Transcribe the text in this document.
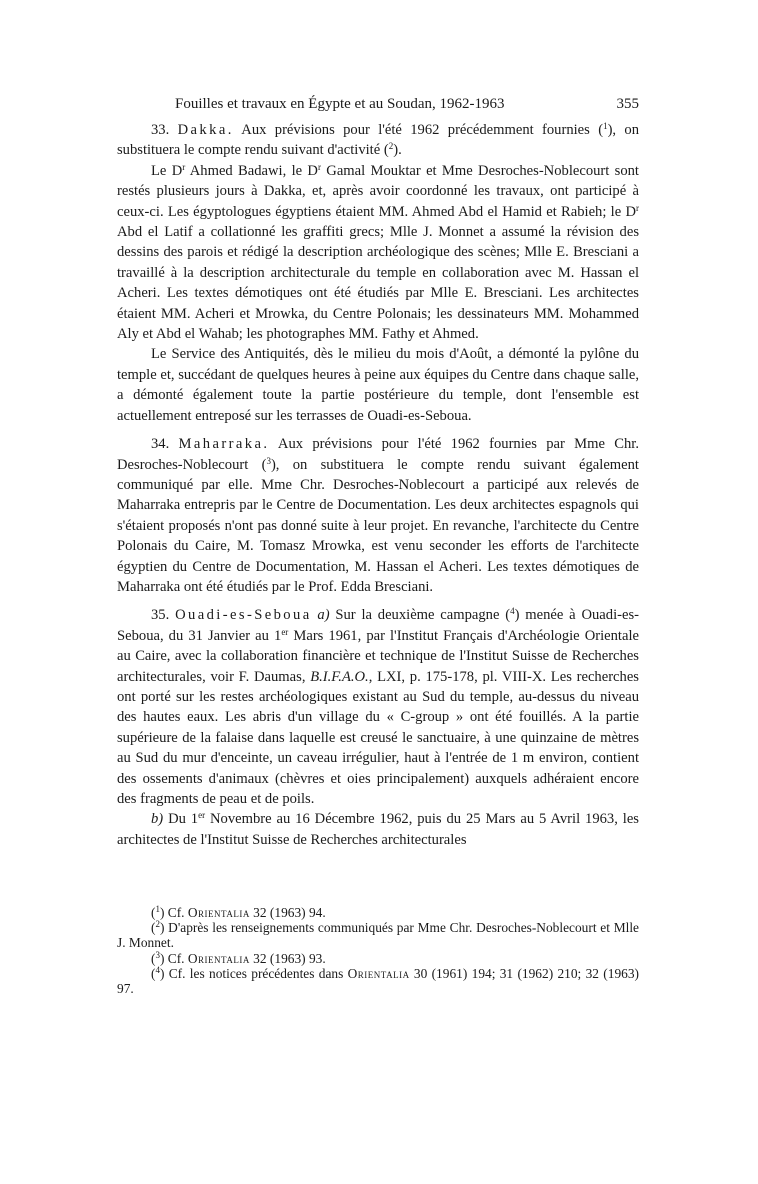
Fouilles et travaux en Égypte et au Soudan, 1962-1963	355

33. Dakka. Aux prévisions pour l'été 1962 précédemment fournies ($^1$), on substituera le compte rendu suivant d'activité ($^2$).

Le $D^r$ Ahmed Badawi, le $D^r$ Gamal Mouktar et Mme Desroches-Noblecourt sont restés plusieurs jours à Dakka, et, après avoir coordonné les travaux, ont participé à ceux-ci. Les égyptologues égyptiens étaient MM. Ahmed Abd el Hamid et Rabieh; le $D^r$ Abd el Latif a collationné les graffiti grecs; Mlle J. Monnet a assumé la révision des dessins des parois et rédigé la description archéologique des scènes; Mlle E. Bresciani a travaillé à la description architecturale du temple en collaboration avec M. Hassan el Acheri. Les textes démotiques ont été étudiés par Mlle E. Bresciani. Les architectes étaient MM. Acheri et Mrowka, du Centre Polonais; les dessinateurs MM. Mohammed Aly et Abd el Wahab; les photographes MM. Fathy et Ahmed.

Le Service des Antiquités, dès le milieu du mois d'Août, a démonté la pylône du temple et, succédant de quelques heures à peine aux équipes du Centre dans chaque salle, a démonté également toute la partie postérieure du temple, dont l'ensemble est actuellement entreposé sur les terrasses de Ouadi-es-Seboua.

34. Maharraka. Aux prévisions pour l'été 1962 fournies par Mme Chr. Desroches-Noblecourt ($^3$), on substituera le compte rendu suivant également communiqué par elle. Mme Chr. Desroches-Noblecourt a participé aux relevés de Maharraka entrepris par le Centre de Documentation. Les deux architectes espagnols qui s'étaient proposés n'ont pas donné suite à leur projet. En revanche, l'architecte du Centre Polonais du Caire, M. Tomasz Mrowka, est venu seconder les efforts de l'architecte égyptien du Centre de Documentation, M. Hassan el Acheri. Les textes démotiques de Maharraka ont été étudiés par le Prof. Edda Bresciani.

35. Ouadi-es-Seboua a) Sur la deuxième campagne ($^4$) menée à Ouadi-es-Seboua, du 31 Janvier au 1er Mars 1961, par l'Institut Français d'Archéologie Orientale au Caire, avec la collaboration financière et technique de l'Institut Suisse de Recherches architecturales, voir F. Daumas, B.I.F.A.O., LXI, p. 175-178, pl. VIII-X. Les recherches ont porté sur les restes archéologiques existant au Sud du temple, au-dessus du niveau des hautes eaux. Les abris d'un village du « C-group » ont été fouillés. A la partie supérieure de la falaise dans laquelle est creusé le sanctuaire, à une quinzaine de mètres au Sud du mur d'enceinte, un caveau irrégulier, haut à l'entrée de 1 m environ, contient des ossements d'animaux (chèvres et oies principalement) auxquels adhéraient encore des fragments de peau et de poils.

b) Du 1er Novembre au 16 Décembre 1962, puis du 25 Mars au 5 Avril 1963, les architectes de l'Institut Suisse de Recherches architecturales

($^1$) Cf. Orientalia 32 (1963) 94.

($^2$) D'après les renseignements communiqués par Mme Chr. Desroches-Noblecourt et Mlle J. Monnet.

($^3$) Cf. Orientalia 32 (1963) 93.

($^4$) Cf. les notices précédentes dans Orientalia 30 (1961) 194; 31 (1962) 210; 32 (1963) 97.
